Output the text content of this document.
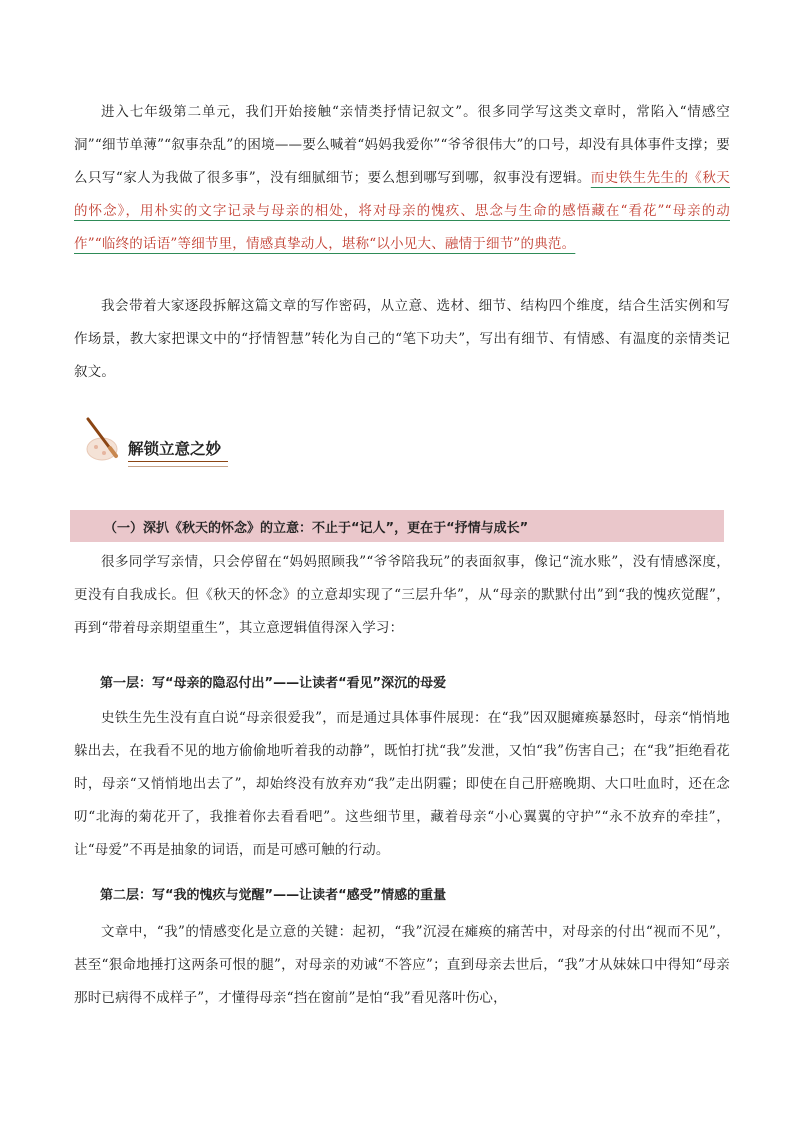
进入七年级第二单元，我们开始接触“亲情类抒情记叙文”。很多同学写这类文章时，常陷入“情感空洞”“细节单薄”“叙事杂乱”的困境——要么喊着“妈妈我爱你”“爷爷很伟大”的口号，却没有具体事件支撑；要么只写“家人为我做了很多事”，没有细腻细节；要么想到哪写到哪，叙事没有逻辑。而史铁生先生的《秋天的怀念》，用朴实的文字记录与母亲的相处，将对母亲的愧疚、思念与生命的感悟藏在“看花”“母亲的动作”“临终的话语”等细节里，情感真挚动人，堪称“以小见大、融情于细节”的典范。

我会带着大家逐段拆解这篇文章的写作密码，从立意、选材、细节、结构四个维度，结合生活实例和写作场景，教大家把课文中的“抒情智慧”转化为自己的“笔下功夫”，写出有细节、有情感、有温度的亲情类记叙文。

解锁立意之妙
（一）深扒《秋天的怀念》的立意：不止于“记人”，更在于“抒情与成长”

很多同学写亲情，只会停留在“妈妈照顾我”“爷爷陪我玩”的表面叙事，像记“流水账”，没有情感深度，更没有自我成长。但《秋天的怀念》的立意却实现了“三层升华”，从“母亲的默默付出”到“我的愧疚觉醒”，再到“带着母亲期望重生”，其立意逻辑值得深入学习：

第一层：写“母亲的隐忍付出”——让读者“看见”深沉的母爱

史铁生先生没有直白说“母亲很爱我”，而是通过具体事件展现：在“我”因双腿瘫痪暴怒时，母亲“悄悄地躲出去，在我看不见的地方偷偷地听着我的动静”，既怕打扰“我”发泄，又怕“我”伤害自己；在“我”拒绝看花时，母亲“又悄悄地出去了”，却始终没有放弃劝“我”走出阴霾；即使在自己肝癌晚期、大口吐血时，还在念叨“北海的菊花开了，我推着你去看看吧”。这些细节里，藏着母亲“小心翼翼的守护”“永不放弃的牵挂”，让“母爱”不再是抽象的词语，而是可感可触的行动。

第二层：写“我的愧疚与觉醒”——让读者“感受”情感的重量

文章中，“我”的情感变化是立意的关键：起初，“我”沉浸在瘫痪的痛苦中，对母亲的付出“视而不见”，甚至“狠命地捶打这两条可恨的腿”，对母亲的劝诫“不答应”；直到母亲去世后，“我”才从妹妹口中得知“母亲那时已病得不成样子”，才懂得母亲“挡在窗前”是怕“我”看见落叶伤心，
